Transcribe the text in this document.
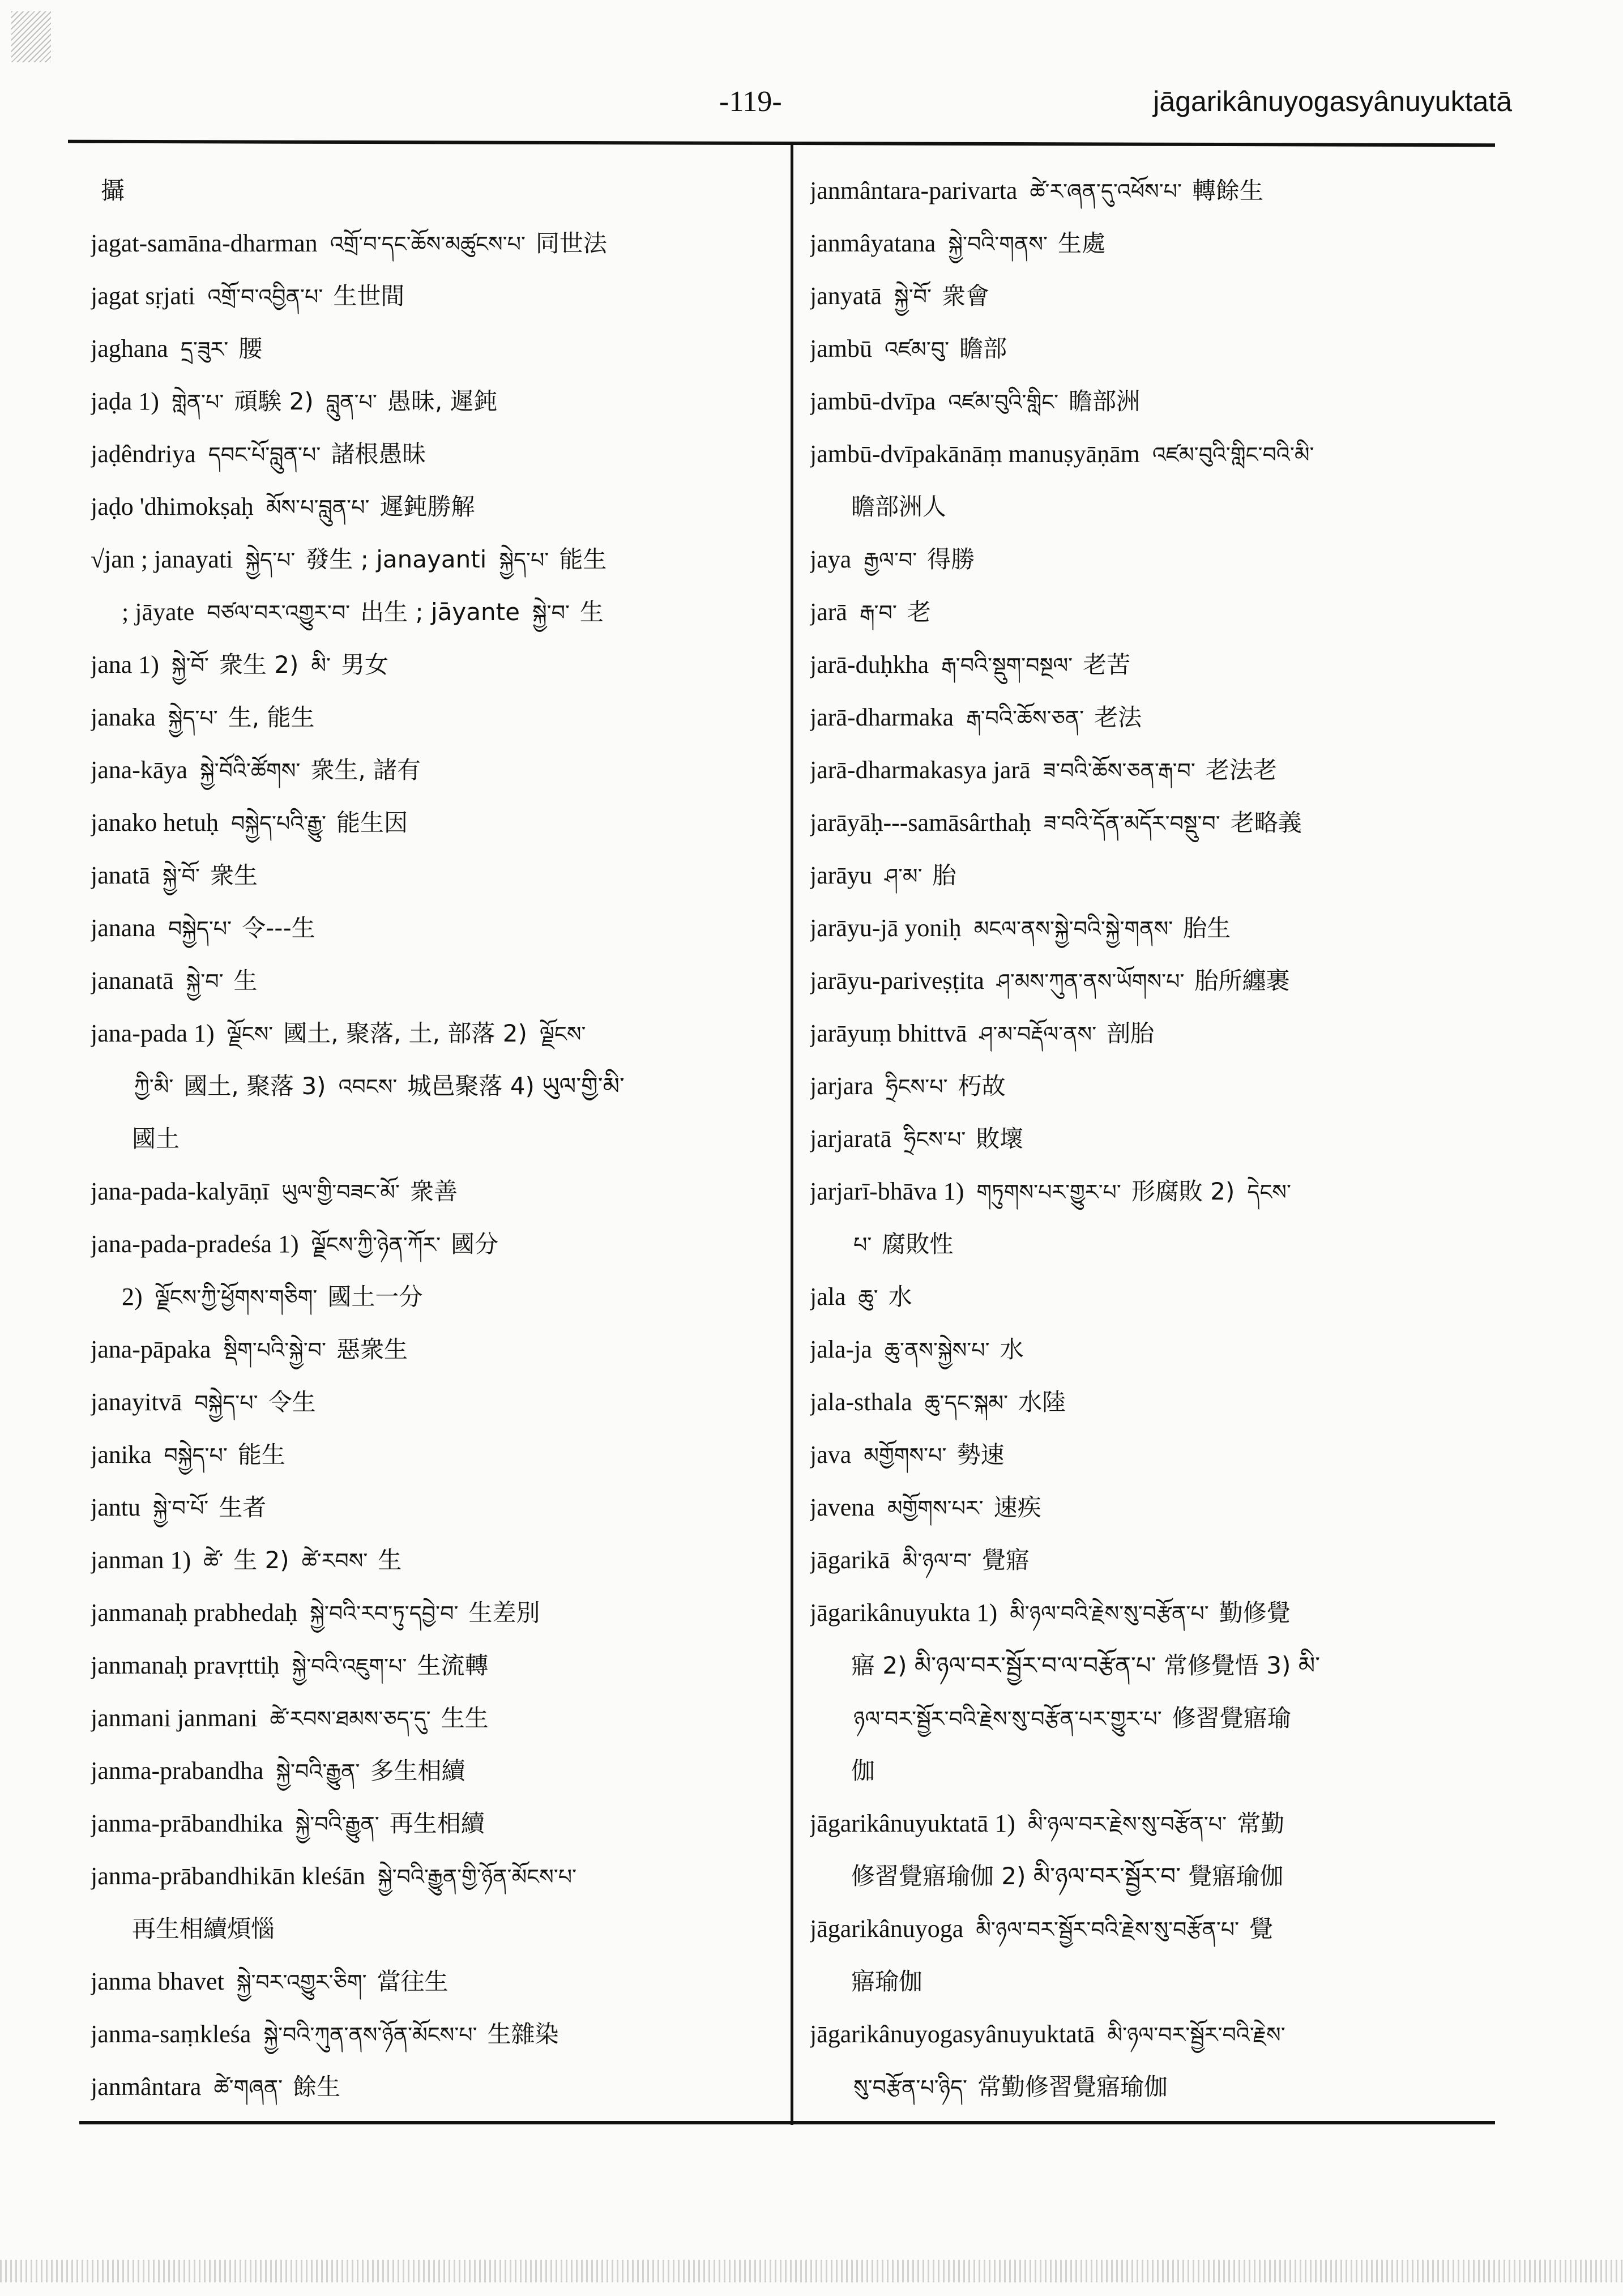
-119-	jāgarikânuyogasyânuyuktatā
攝
jagat-samāna-dharman འགྲོ་བ་དང་ཆོས་མཚུངས་པ་ 同世法
jagat sṛjati འགྲོ་བ་འབྱིན་པ་ 生世間
jaghana དྲ་ཟུར་ 腰
jaḍa 1) གླེན་པ་ 頑騃 2) བླུན་པ་ 愚昧, 遲鈍
jaḍêndriya དབང་པོ་བླུན་པ་ 諸根愚昧
jaḍo 'dhimokṣaḥ མོས་པ་བླུན་པ་ 遲鈍勝解
√jan ; janayati སྐྱེད་པ་ 發生 ; janayanti སྐྱེད་པ་ 能生
; jāyate བཙལ་བར་འགྱུར་བ་ 出生 ; jāyante སྐྱེ་བ་ 生
jana 1) སྐྱེ་བོ་ 衆生 2) མི་ 男女
janaka སྐྱེད་པ་ 生, 能生
jana-kāya སྐྱེ་བོའི་ཚོགས་ 衆生, 諸有
janako hetuḥ བསྐྱེད་པའི་རྒྱུ་ 能生因
janatā སྐྱེ་བོ་ 衆生
janana བསྐྱེད་པ་ 令---生
jananatā སྐྱེ་བ་ 生
jana-pada 1) ལྗོངས་ 國土, 聚落, 土, 部落 2) ལྗོངས་
ཀྱི་མི་ 國土, 聚落 3) འབངས་ 城邑聚落 4) ཡུལ་གྱི་མི་
國土
jana-pada-kalyāṇī ཡུལ་གྱི་བཟང་མོ་ 衆善
jana-pada-pradeśa 1) ལྗོངས་ཀྱི་ཉེན་ཀོར་ 國分
2) ལྗོངས་ཀྱི་ཕྱོགས་གཅིག་ 國土一分
jana-pāpaka སྡིག་པའི་སྐྱེ་བ་ 惡衆生
janayitvā བསྐྱེད་པ་ 令生
janika བསྐྱེད་པ་ 能生
jantu སྐྱེ་བ་པོ་ 生者
janman 1) ཚེ་ 生 2) ཚེ་རབས་ 生
janmanaḥ prabhedaḥ སྐྱེ་བའི་རབ་ཏུ་དབྱེ་བ་ 生差別
janmanaḥ pravṛttiḥ སྐྱེ་བའི་འཇུག་པ་ 生流轉
janmani janmani ཚེ་རབས་ཐམས་ཅད་དུ་ 生生
janma-prabandha སྐྱེ་བའི་རྒྱུན་ 多生相續
janma-prābandhika སྐྱེ་བའི་རྒྱུན་ 再生相續
janma-prābandhikān kleśān སྐྱེ་བའི་རྒྱུན་གྱི་ཉོན་མོངས་པ་
再生相續煩惱
janma bhavet སྐྱེ་བར་འགྱུར་ཅིག་ 當往生
janma-saṃkleśa སྐྱེ་བའི་ཀུན་ནས་ཉོན་མོངས་པ་ 生雜染
janmântara ཚེ་གཞན་ 餘生
janmântara-parivarta ཚེ་ར་ཞན་དུ་འཕོས་པ་ 轉餘生
janmâyatana སྐྱེ་བའི་གནས་ 生處
janyatā སྐྱེ་བོ་ 衆會
jambū འཛམ་བུ་ 瞻部
jambū-dvīpa འཛམ་བུའི་གླིང་ 瞻部洲
jambū-dvīpakānāṃ manuṣyāṇām འཛམ་བུའི་གླིང་བའི་མི་
瞻部洲人
jaya རྒྱལ་བ་ 得勝
jarā རྒ་བ་ 老
jarā-duḥkha རྒ་བའི་སྡུག་བསྔལ་ 老苦
jarā-dharmaka རྒ་བའི་ཆོས་ཅན་ 老法
jarā-dharmakasya jarā ཟ་བའི་ཆོས་ཅན་རྒ་བ་ 老法老
jarāyāḥ---samāsârthaḥ ཟ་བའི་དོན་མདོར་བསྡུ་བ་ 老略義
jarāyu ཤ་མ་ 胎
jarāyu-jā yoniḥ མངལ་ནས་སྐྱེ་བའི་སྐྱེ་གནས་ 胎生
jarāyu-pariveṣṭita ཤ་མས་ཀུན་ནས་ཡོགས་པ་ 胎所纏裹
jarāyuṃ bhittvā ཤ་མ་བརྡོལ་ནས་ 剖胎
jarjara ཧྲིངས་པ་ 朽故
jarjaratā ཧྲིངས་པ་ 敗壞
jarjarī-bhāva 1) གཏུགས་པར་གྱུར་པ་ 形腐敗 2) དེངས་
པ་ 腐敗性
jala ཆུ་ 水
jala-ja ཆུ་ནས་སྐྱེས་པ་ 水
jala-sthala ཆུ་དང་སྐམ་ 水陸
java མགྱོགས་པ་ 勢速
javena མགྱོགས་པར་ 速疾
jāgarikā མི་ཉལ་བ་ 覺寤
jāgarikânuyukta 1) མི་ཉལ་བའི་རྗེས་སུ་བརྩོན་པ་ 勤修覺
寤 2) མི་ཉལ་བར་སྦྱོར་བ་ལ་བརྩོན་པ་ 常修覺悟 3) མི་
ཉལ་བར་སྦྱོར་བའི་རྗེས་སུ་བརྩོན་པར་གྱུར་པ་ 修習覺寤瑜
伽
jāgarikânuyuktatā 1) མི་ཉལ་བར་རྗེས་སུ་བརྩོན་པ་ 常勤
修習覺寤瑜伽 2) མི་ཉལ་བར་སྦྱོར་བ་ 覺寤瑜伽
jāgarikânuyoga མི་ཉལ་བར་སྦྱོར་བའི་རྗེས་སུ་བརྩོན་པ་ 覺
寤瑜伽
jāgarikânuyogasyânuyuktatā མི་ཉལ་བར་སྦྱོར་བའི་རྗེས་
སུ་བརྩོན་པ་ཉིད་ 常勤修習覺寤瑜伽
